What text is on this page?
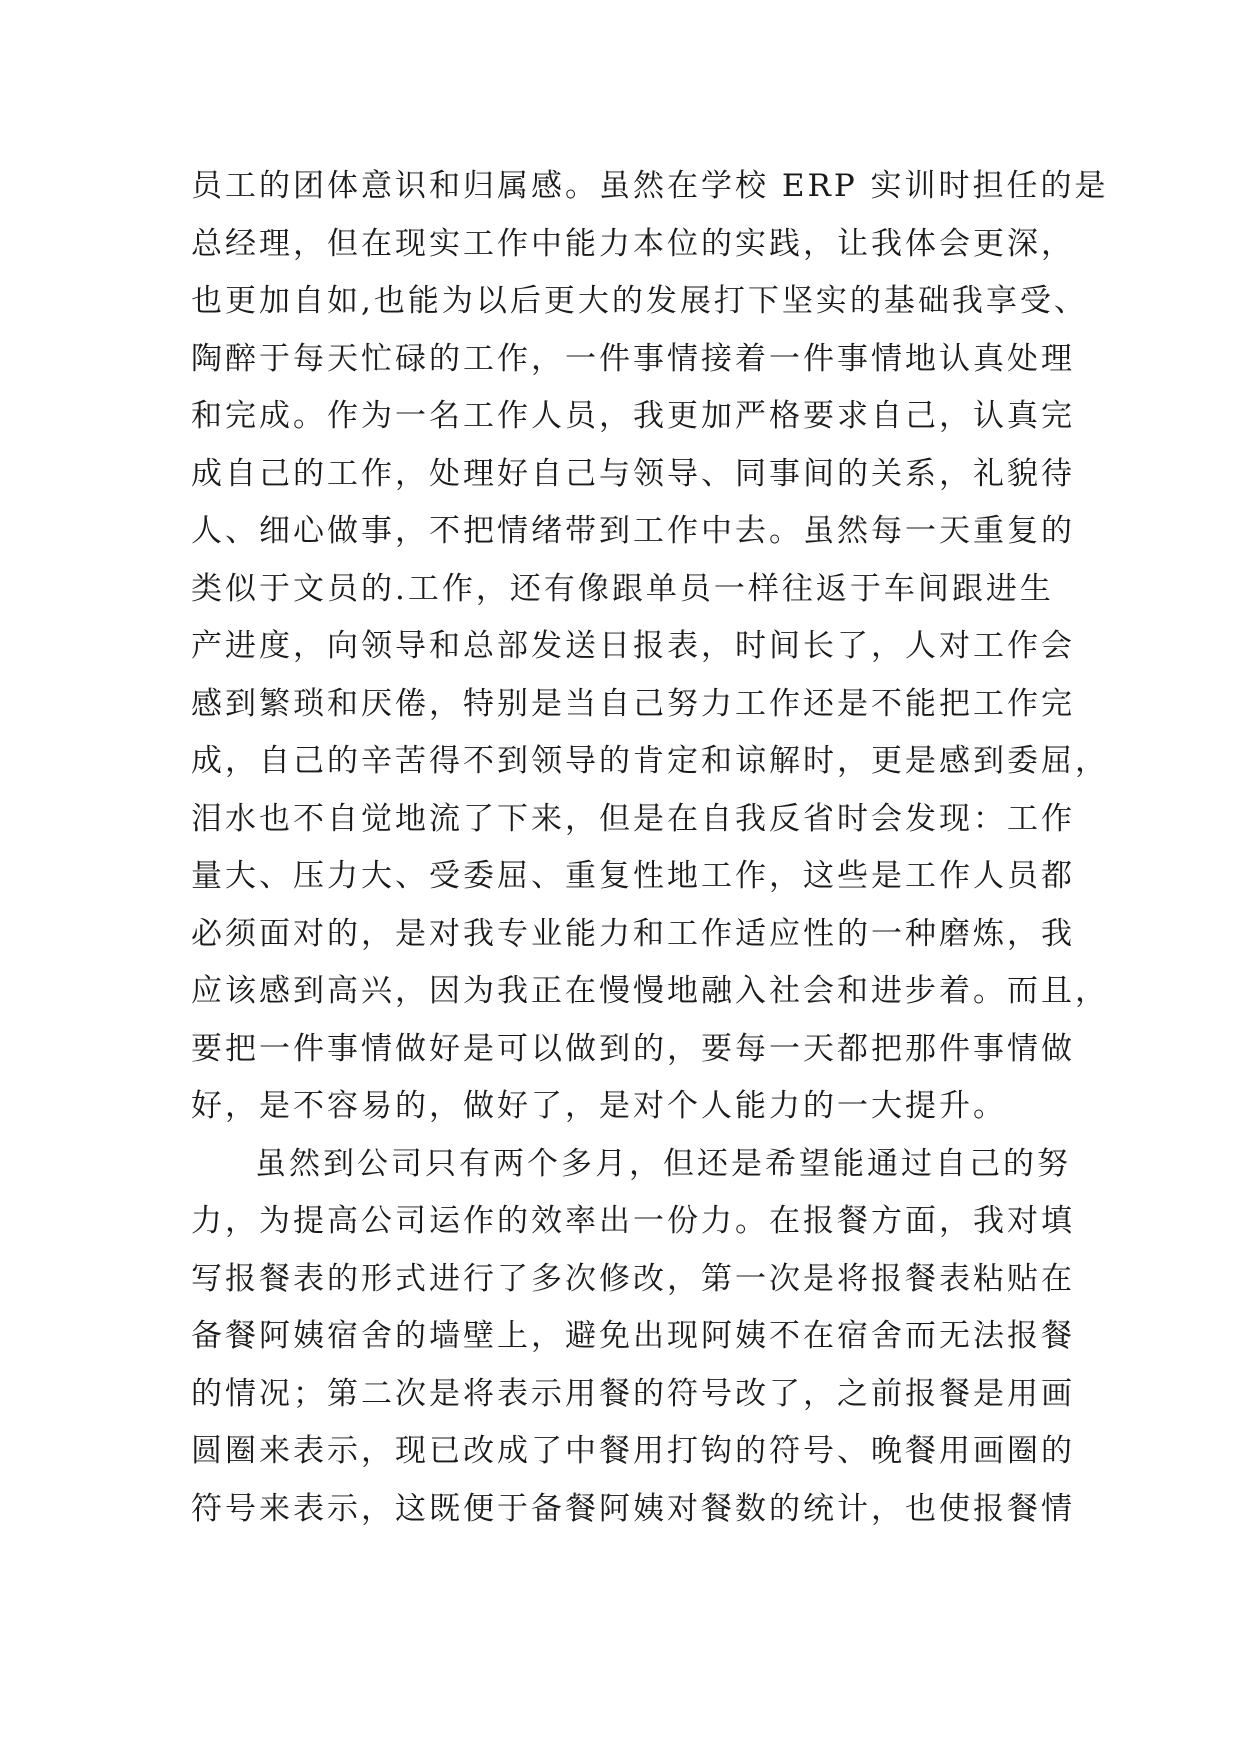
员工的团体意识和归属感。虽然在学校 ERP 实训时担任的是
总经理，但在现实工作中能力本位的实践，让我体会更深，
也更加自如,也能为以后更大的发展打下坚实的基础我享受、
陶醉于每天忙碌的工作，一件事情接着一件事情地认真处理
和完成。作为一名工作人员，我更加严格要求自己，认真完
成自己的工作，处理好自己与领导、同事间的关系，礼貌待
人、细心做事，不把情绪带到工作中去。虽然每一天重复的
类似于文员的.工作，还有像跟单员一样往返于车间跟进生
产进度，向领导和总部发送日报表，时间长了，人对工作会
感到繁琐和厌倦，特别是当自己努力工作还是不能把工作完
成，自己的辛苦得不到领导的肯定和谅解时，更是感到委屈，
泪水也不自觉地流了下来，但是在自我反省时会发现：工作
量大、压力大、受委屈、重复性地工作，这些是工作人员都
必须面对的，是对我专业能力和工作适应性的一种磨炼，我
应该感到高兴，因为我正在慢慢地融入社会和进步着。而且，
要把一件事情做好是可以做到的，要每一天都把那件事情做
好，是不容易的，做好了，是对个人能力的一大提升。
虽然到公司只有两个多月，但还是希望能通过自己的努
力，为提高公司运作的效率出一份力。在报餐方面，我对填
写报餐表的形式进行了多次修改，第一次是将报餐表粘贴在
备餐阿姨宿舍的墙壁上，避免出现阿姨不在宿舍而无法报餐
的情况；第二次是将表示用餐的符号改了，之前报餐是用画
圆圈来表示，现已改成了中餐用打钩的符号、晚餐用画圈的
符号来表示，这既便于备餐阿姨对餐数的统计，也使报餐情
